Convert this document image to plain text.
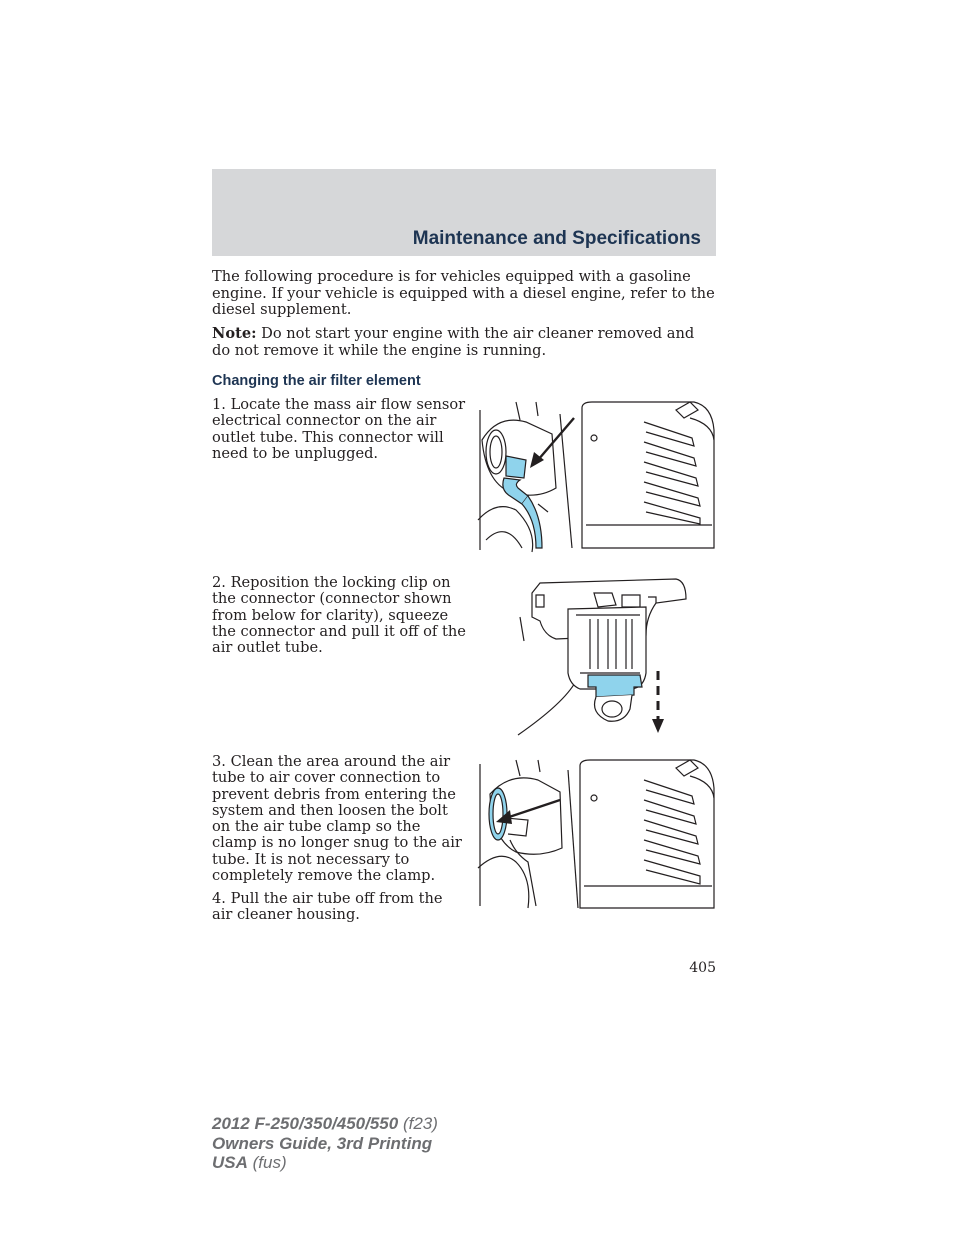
Maintenance and Specifications

The following procedure is for vehicles equipped with a gasoline engine. If your vehicle is equipped with a diesel engine, refer to the diesel supplement.

Note: Do not start your engine with the air cleaner removed and do not remove it while the engine is running.

Changing the air filter element

1. Locate the mass air flow sensor electrical connector on the air outlet tube. This connector will need to be unplugged.

2. Reposition the locking clip on the connector (connector shown from below for clarity), squeeze the connector and pull it off of the air outlet tube.

3. Clean the area around the air tube to air cover connection to prevent debris from entering the system and then loosen the bolt on the air tube clamp so the clamp is no longer snug to the air tube. It is not necessary to completely remove the clamp.

4. Pull the air tube off from the air cleaner housing.

405
2012 F-250/350/450/550 (f23)
Owners Guide, 3rd Printing
USA (fus)
